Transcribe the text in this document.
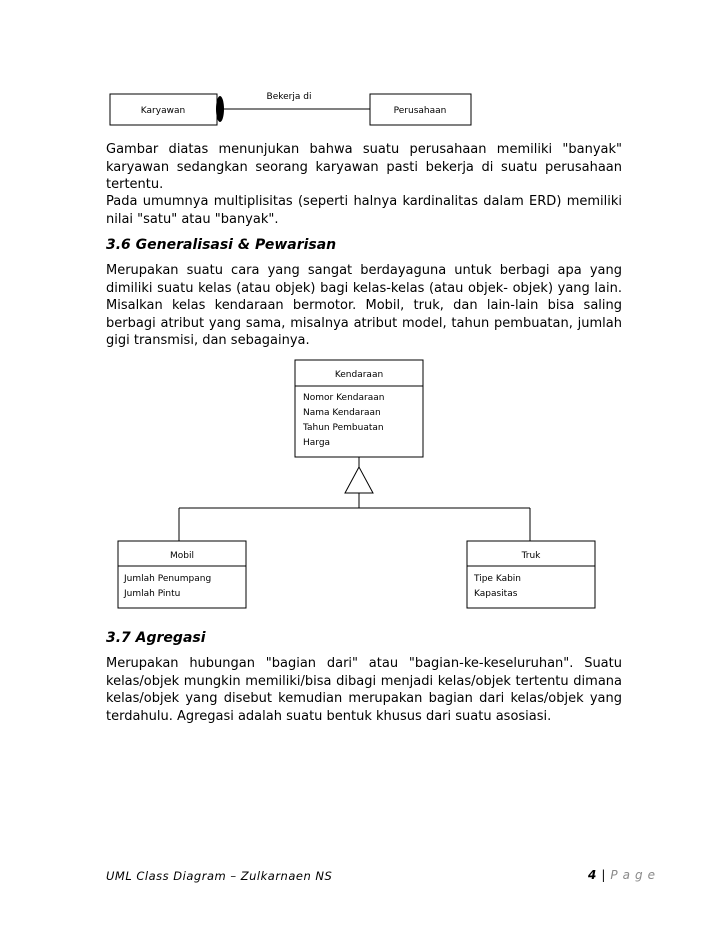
Karyawan
Bekerja di
Perusahaan

Gambar diatas menunjukan bahwa suatu perusahaan memiliki "banyak" karyawan sedangkan seorang karyawan pasti bekerja di suatu perusahaan tertentu.

Pada umumnya multiplisitas (seperti halnya kardinalitas dalam ERD) memiliki nilai "satu" atau "banyak".

3.6 Generalisasi & Pewarisan

Merupakan suatu cara yang sangat berdayaguna untuk berbagi apa yang dimiliki suatu kelas (atau objek) bagi kelas-kelas (atau objek- objek) yang lain. Misalkan kelas kendaraan bermotor. Mobil, truk, dan lain-lain bisa saling berbagi atribut yang sama, misalnya atribut model, tahun pembuatan, jumlah gigi transmisi, dan sebagainya.

Kendaraan
Nomor Kendaraan
Nama Kendaraan
Tahun Pembuatan
Harga
Mobil
Jumlah Penumpang
Jumlah Pintu
Truk
Tipe Kabin
Kapasitas
3.7 Agregasi

Merupakan hubungan "bagian dari" atau "bagian-ke-keseluruhan". Suatu kelas/objek mungkin memiliki/bisa dibagi menjadi kelas/objek tertentu dimana kelas/objek yang disebut kemudian merupakan bagian dari kelas/objek yang terdahulu. Agregasi adalah suatu bentuk khusus dari suatu asosiasi.

UML Class Diagram – Zulkarnaen NS	4 | Page
